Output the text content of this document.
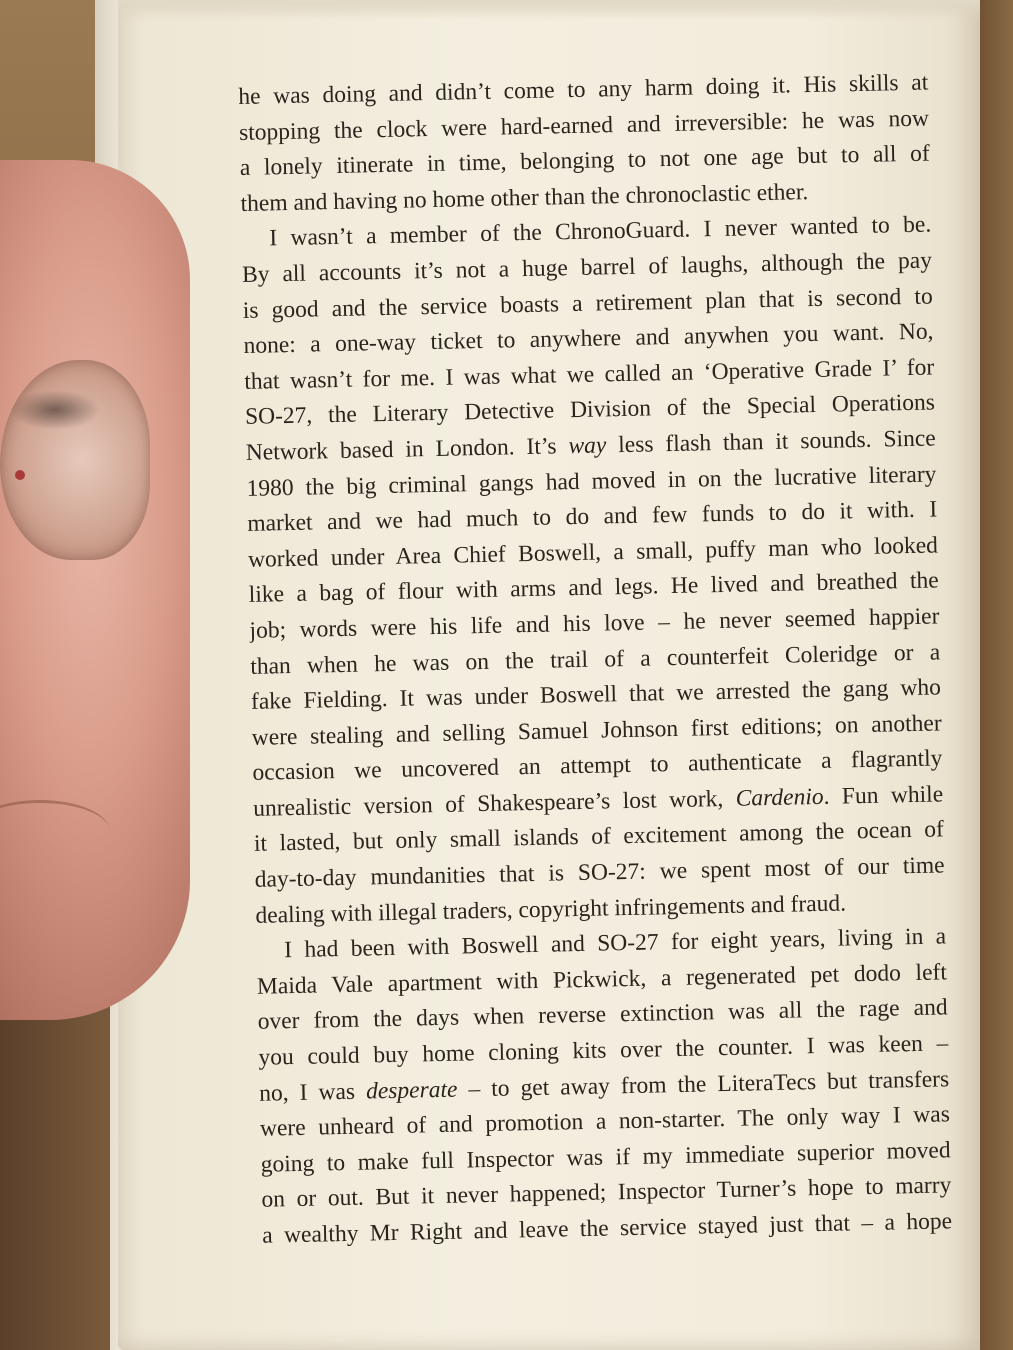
he was doing and didn’t come to any harm doing it. His skills at
stopping the clock were hard-earned and irreversible: he was now
a lonely itinerate in time, belonging to not one age but to all of
them and having no home other than the chronoclastic ether.
I wasn’t a member of the ChronoGuard. I never wanted to be.
By all accounts it’s not a huge barrel of laughs, although the pay
is good and the service boasts a retirement plan that is second to
none: a one-way ticket to anywhere and anywhen you want. No,
that wasn’t for me. I was what we called an ‘Operative Grade I’ for
SO-27, the Literary Detective Division of the Special Operations
Network based in London. It’s way less flash than it sounds. Since
1980 the big criminal gangs had moved in on the lucrative literary
market and we had much to do and few funds to do it with. I
worked under Area Chief Boswell, a small, puffy man who looked
like a bag of flour with arms and legs. He lived and breathed the
job; words were his life and his love – he never seemed happier
than when he was on the trail of a counterfeit Coleridge or a
fake Fielding. It was under Boswell that we arrested the gang who
were stealing and selling Samuel Johnson first editions; on another
occasion we uncovered an attempt to authenticate a flagrantly
unrealistic version of Shakespeare’s lost work, Cardenio. Fun while
it lasted, but only small islands of excitement among the ocean of
day-to-day mundanities that is SO-27: we spent most of our time
dealing with illegal traders, copyright infringements and fraud.
I had been with Boswell and SO-27 for eight years, living in a
Maida Vale apartment with Pickwick, a regenerated pet dodo left
over from the days when reverse extinction was all the rage and
you could buy home cloning kits over the counter. I was keen –
no, I was desperate – to get away from the LiteraTecs but transfers
were unheard of and promotion a non-starter. The only way I was
going to make full Inspector was if my immediate superior moved
on or out. But it never happened; Inspector Turner’s hope to marry
a wealthy Mr Right and leave the service stayed just that – a hope
